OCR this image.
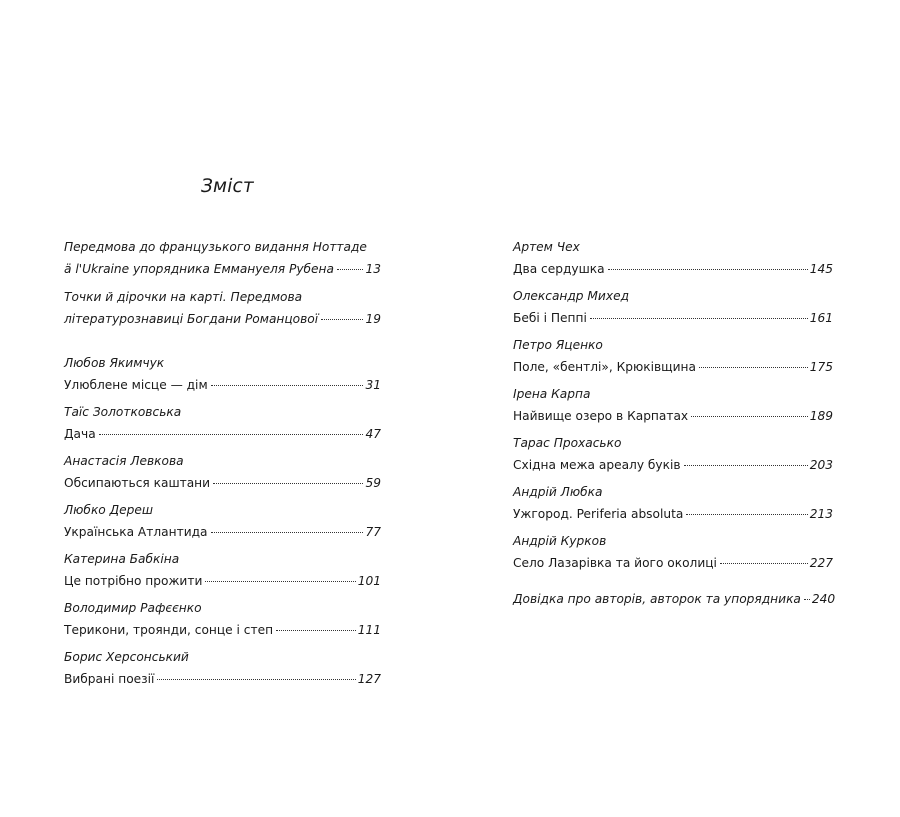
Зміст
Передмова до французького видання Ноттаде
ä l'Ukraine упорядника Еммануеля Рубена	13
Точки й дірочки на карті. Передмова
літературознавиці Богдани Романцової	19
Любов Якимчук
Улюблене місце — дім	31
Таїс Золотковська
Дача	47
Анастасія Левкова
Обсипаються каштани	59
Любко Дереш
Українська Атлантида	77
Катерина Бабкіна
Це потрібно прожити	101
Володимир Рафєєнко
Терикони, троянди, сонце і степ	111
Борис Херсонський
Вибрані поезії	127
Артем Чех
Два сердушка	145
Олександр Михед
Бебі і Пеппі	161
Петро Яценко
Поле, «бентлі», Крюківщина	175
Ірена Карпа
Найвище озеро в Карпатах	189
Тарас Прохасько
Східна межа ареалу буків	203
Андрій Любка
Ужгород. Periferia absoluta	213
Андрій Курков
Село Лазарівка та його околиці	227
Довідка про авторів, авторок та упорядника 240
